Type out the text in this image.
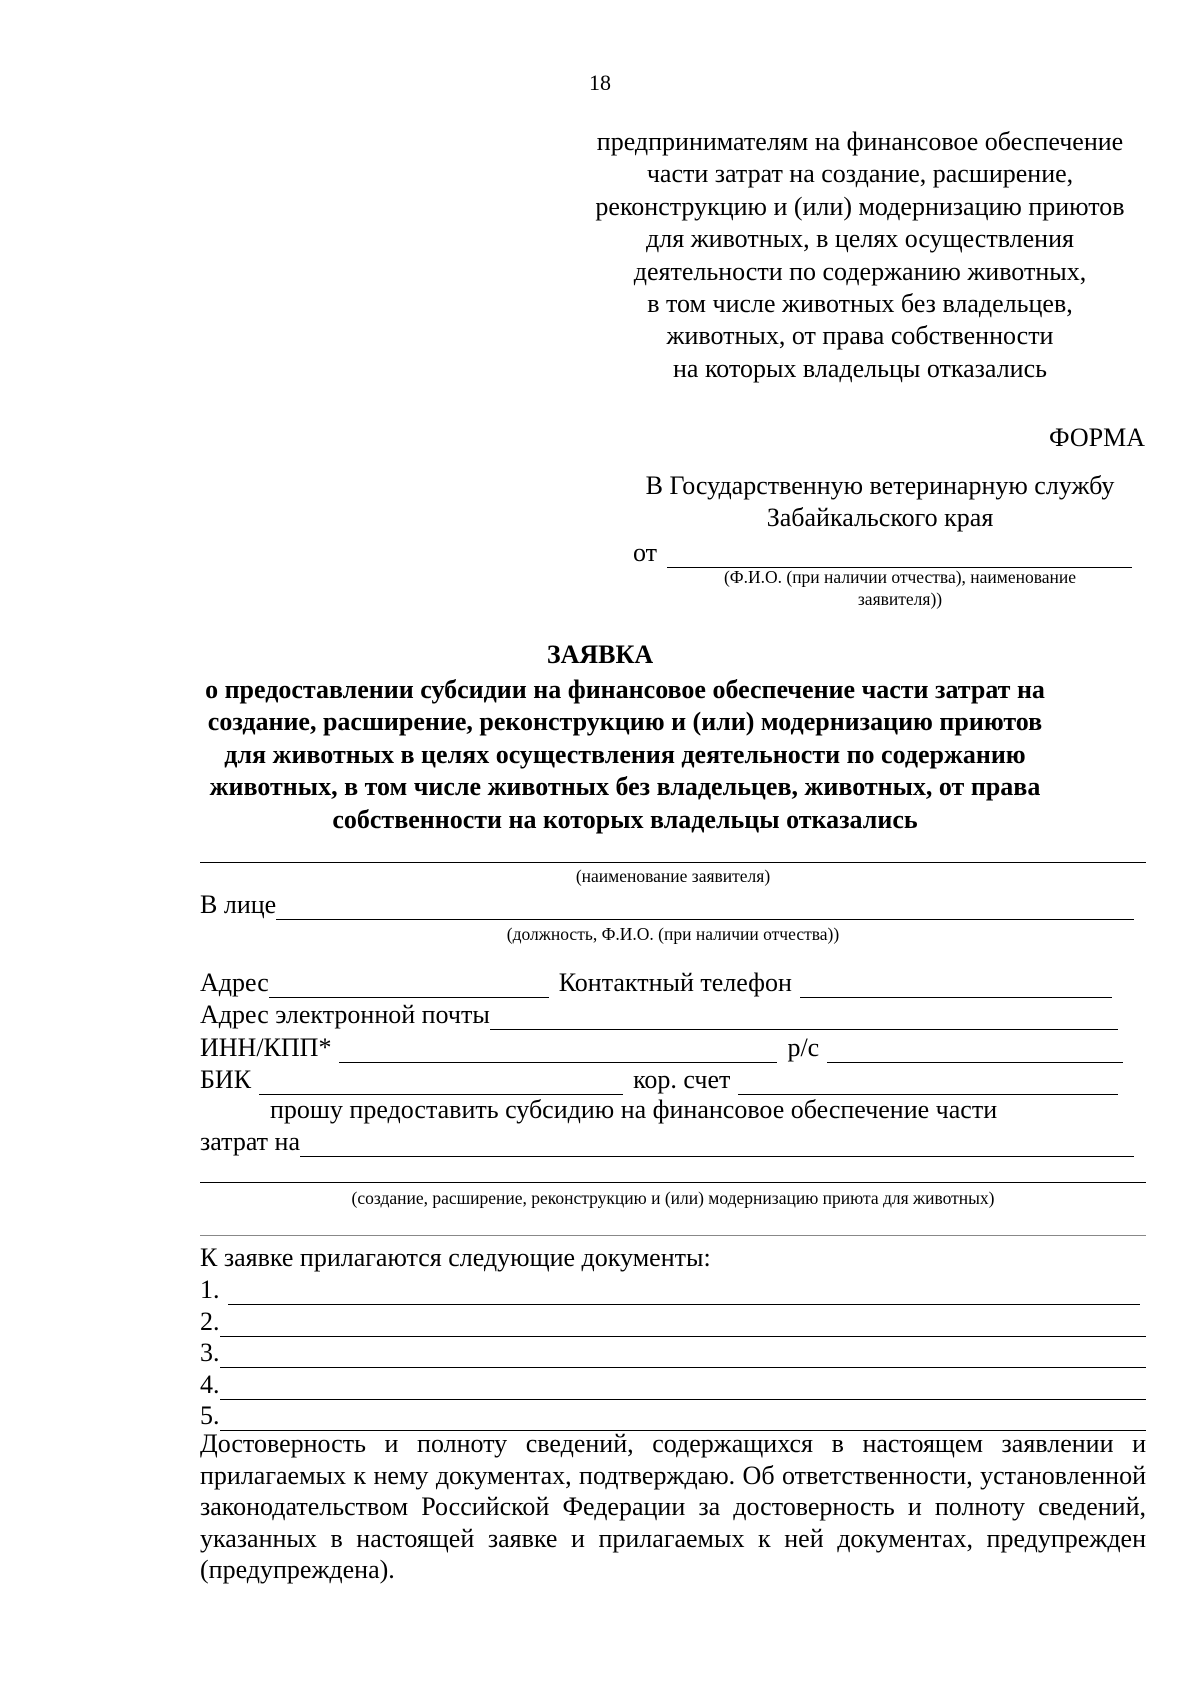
18
предпринимателям на финансовое обеспечение
части затрат на создание, расширение,
реконструкцию и (или) модернизацию приютов
для животных, в целях осуществления
деятельности по содержанию животных,
в том числе животных без владельцев,
животных, от права собственности
на которых владельцы отказались
ФОРМА
В Государственную ветеринарную службу
Забайкальского края
от
(Ф.И.О. (при наличии отчества), наименование
заявителя))
ЗАЯВКА
о предоставлении субсидии на финансовое обеспечение части затрат на
создание, расширение, реконструкцию и (или) модернизацию приютов
для животных в целях осуществления деятельности по содержанию
животных, в том числе животных без владельцев, животных, от права
собственности на которых владельцы отказались
(наименование заявителя)
В лице
(должность, Ф.И.О. (при наличии отчества))
Адрес	Контактный телефон
Адрес электронной почты
ИНН/КПП*	р/с
БИК	кор. счет
прошу предоставить субсидию на финансовое обеспечение части
затрат на
(создание, расширение, реконструкцию и (или) модернизацию приюта для животных)
К заявке прилагаются следующие документы:
1.
2.
3.
4.
5.
Достоверность и полноту сведений, содержащихся в настоящем заявлении и прилагаемых к нему документах, подтверждаю. Об ответственности, установленной законодательством Российской Федерации за достоверность и полноту сведений, указанных в настоящей заявке и прилагаемых к ней документах, предупрежден (предупреждена).
